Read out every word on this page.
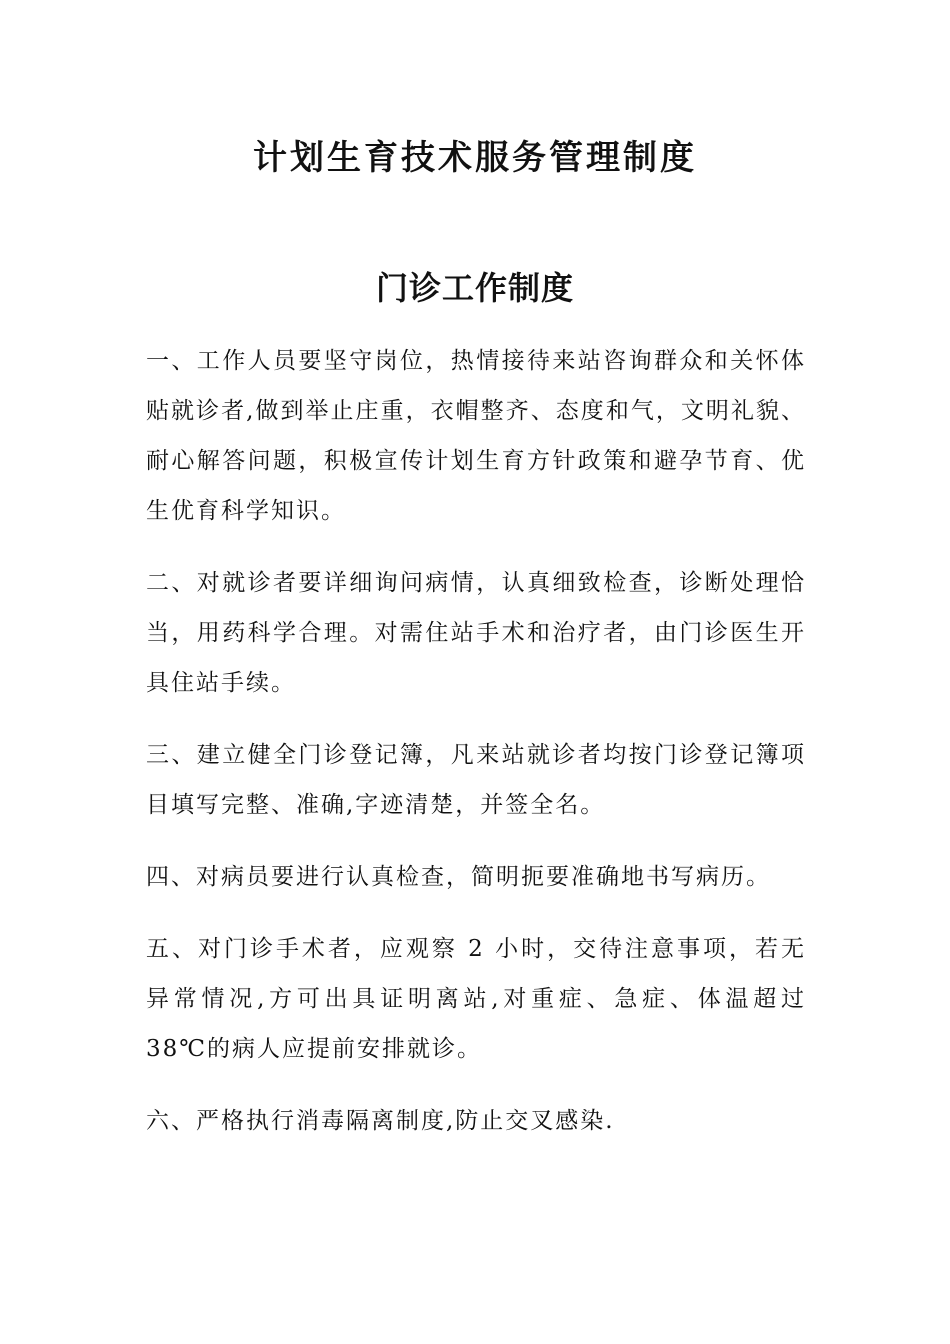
计划生育技术服务管理制度
门诊工作制度

一、工作人员要坚守岗位，热情接待来站咨询群众和关怀体贴就诊者,做到举止庄重，衣帽整齐、态度和气，文明礼貌、耐心解答问题，积极宣传计划生育方针政策和避孕节育、优生优育科学知识。

二、对就诊者要详细询问病情，认真细致检查，诊断处理恰当，用药科学合理。对需住站手术和治疗者，由门诊医生开具住站手续。

三、建立健全门诊登记簿，凡来站就诊者均按门诊登记簿项目填写完整、准确,字迹清楚，并签全名。

四、对病员要进行认真检查，简明扼要准确地书写病历。

五、对门诊手术者，应观察 2 小时，交待注意事项，若无异常情况,方可出具证明离站,对重症、急症、体温超过 38℃的病人应提前安排就诊。

六、严格执行消毒隔离制度,防止交叉感染.
